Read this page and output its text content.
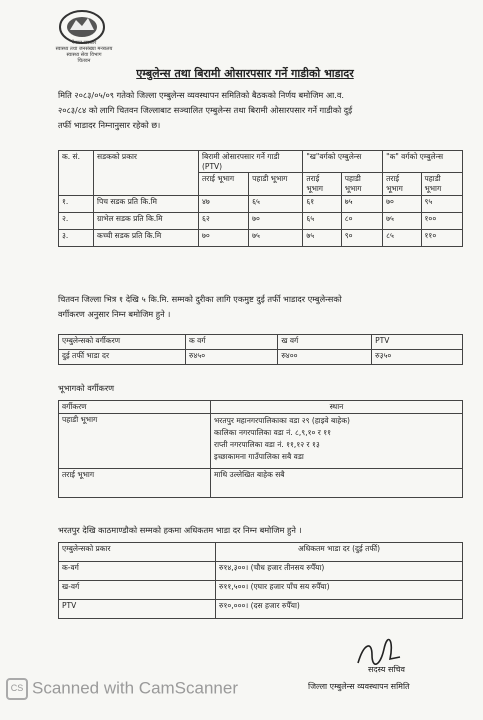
नेपाल सरकार
स्वास्थ्य तथा जनसंख्या मन्त्रालय
स्वास्थ्य सेवा विभाग
चितवन
एम्बुलेन्स तथा बिरामी ओसारपसार गर्ने गाडीको भाडादर
मिति २०८३/०५/०९ गतेको जिल्ला एम्बुलेन्स व्यवस्थापन समितिको बैठकको निर्णय बमोजिम आ.व.
२०८३/८४ को लागि चितवन जिल्लाबाट सञ्चालित एम्बुलेन्स तथा बिरामी ओसारपसार गर्ने गाडीको दुई
तर्फी भाडादर निम्नानुसार रहेको छ।
क. सं.	सडकको प्रकार	बिरामी ओसारपसार गर्ने गाडी (PTV)		"ख"वर्गको एम्बुलेन्स		"क" वर्गको एम्बुलेन्स	
		तराई भूभाग	पहाडी भूभाग	तराई भूभाग	पहाडी भूभाग	तराई भूभाग	पहाडी भूभाग
१.	पिच सडक प्रति कि.मि	४७	६५	६१	७५	७०	९५
२.	ग्राभेल सडक प्रति कि.मि	६२	७०	६५	८०	७५	१००
३.	कच्ची सडक प्रति कि.मि	७०	७५	७५	९०	८५	११०
चितवन जिल्ला भित्र १ देखि ५ कि.मि. सम्मको दुरीका लागि एकमुष्ट दुई तर्फी भाडादर एम्बुलेन्सको
वर्गीकरण अनुसार निम्न बमोजिम हुने ।
एम्बुलेन्सको वर्गीकरण	क वर्ग	ख वर्ग	PTV
दुई तर्फी भाडा दर	रु४५०	रु४००	रु३५०
भूभागको वर्गीकरण
वर्गीकरण	स्थान
पहाडी भूभाग	भरतपुर महानगरपालिकाका वडा २९ (हाइवे बाहेक)
कालिका नगरपालिका वडा नं. ८,९,१० र ११
राप्ती नगरपालिका वडा नं. ११,१२ र १३
इच्छाकामना गाउँपालिका सबै वडा

तराई भूभाग	माथि उल्लेखित बाहेक सबै
भरतपुर देखि काठमाण्डौको सम्मको हकमा अधिकतम भाडा दर निम्न बमोजिम हुने ।
एम्बुलेन्सको प्रकार	अधिकतम भाडा दर (दुई तर्फी)
क-वर्ग	रु१४,३००। (चौध हजार तीनसय रुपैँया)
ख-वर्ग	रु११,५००। (एघार हजार पाँच सय रुपैँया)
PTV	रु१०,०००। (दस हजार रुपैँया)
सदस्य सचिव
जिल्ला एम्बुलेन्स व्यवस्थापन समिति
CS Scanned with CamScanner
